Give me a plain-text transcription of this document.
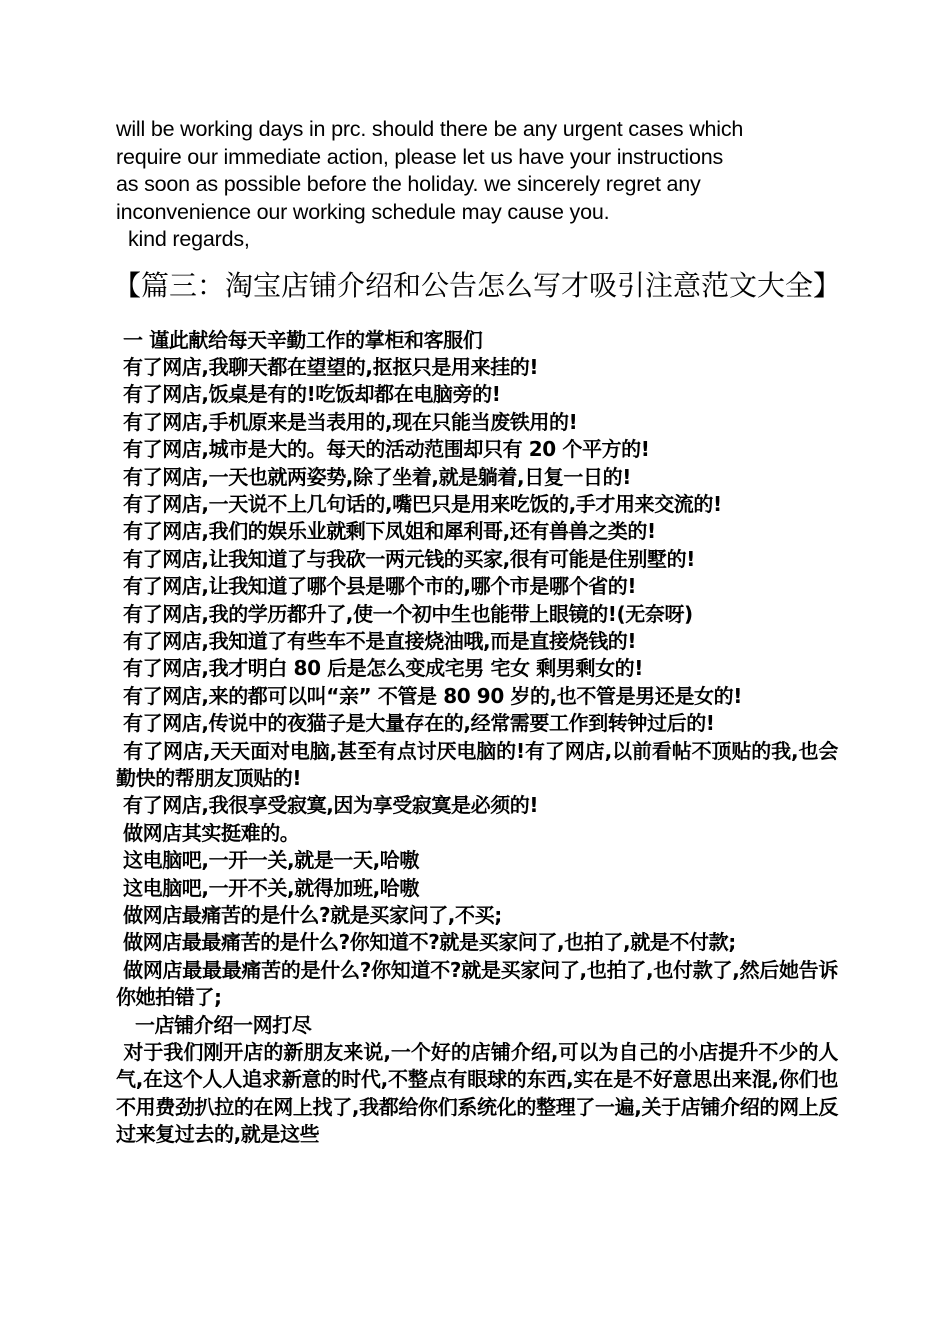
will be working days in prc. should there be any urgent cases which

require our immediate action, please let us have your instructions

as soon as possible before the holiday. we sincerely regret any

inconvenience our working schedule may cause you.

kind regards,

【篇三：淘宝店铺介绍和公告怎么写才吸引注意范文大全】

一 谨此献给每天辛勤工作的掌柜和客服们

有了网店,我聊天都在望望的,抠抠只是用来挂的!

有了网店,饭桌是有的!吃饭却都在电脑旁的!

有了网店,手机原来是当表用的,现在只能当废铁用的!

有了网店,城市是大的。每天的活动范围却只有 20 个平方的!

有了网店,一天也就两姿势,除了坐着,就是躺着,日复一日的!

有了网店,一天说不上几句话的,嘴巴只是用来吃饭的,手才用来交流的!

有了网店,我们的娱乐业就剩下凤姐和犀利哥,还有兽兽之类的!

有了网店,让我知道了与我砍一两元钱的买家,很有可能是住别墅的!

有了网店,让我知道了哪个县是哪个市的,哪个市是哪个省的!

有了网店,我的学历都升了,使一个初中生也能带上眼镜的!(无奈呀)

有了网店,我知道了有些车不是直接烧油哦,而是直接烧钱的!

有了网店,我才明白 80 后是怎么变成宅男 宅女 剩男剩女的!

有了网店,来的都可以叫“亲” 不管是 80 90 岁的,也不管是男还是女的!

有了网店,传说中的夜猫子是大量存在的,经常需要工作到转钟过后的!

有了网店,天天面对电脑,甚至有点讨厌电脑的!有了网店,以前看帖不顶贴的我,也会勤快的帮朋友顶贴的!

有了网店,我很享受寂寞,因为享受寂寞是必须的!

做网店其实挺难的。

这电脑吧,一开一关,就是一天,哈嗷

这电脑吧,一开不关,就得加班,哈嗷

做网店最痛苦的是什么?就是买家问了,不买;

做网店最最痛苦的是什么?你知道不?就是买家问了,也拍了,就是不付款;

做网店最最最痛苦的是什么?你知道不?就是买家问了,也拍了,也付款了,然后她告诉你她拍错了;

一店铺介绍一网打尽

对于我们刚开店的新朋友来说,一个好的店铺介绍,可以为自己的小店提升不少的人气,在这个人人追求新意的时代,不整点有眼球的东西,实在是不好意思出来混,你们也不用费劲扒拉的在网上找了,我都给你们系统化的整理了一遍,关于店铺介绍的网上反过来复过去的,就是这些
